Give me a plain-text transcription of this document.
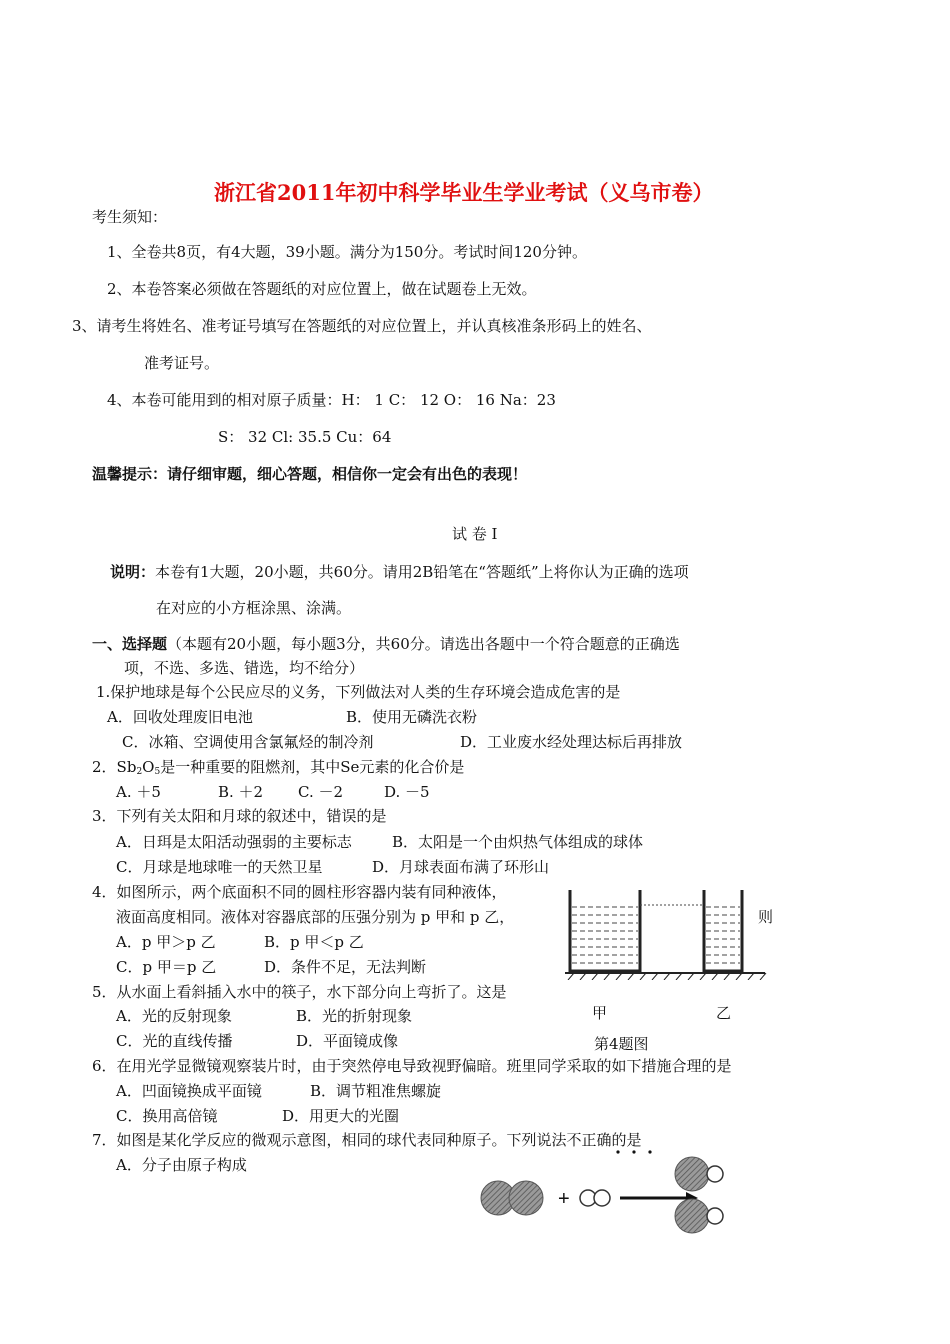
浙江省2011年初中科学毕业生学业考试（义乌市卷）
考生须知：
1、全卷共8页，有4大题，39小题。满分为150分。考试时间120分钟。
2、本卷答案必须做在答题纸的对应位置上，做在试题卷上无效。
3、请考生将姓名、准考证号填写在答题纸的对应位置上，并认真核准条形码上的姓名、
准考证号。
4、本卷可能用到的相对原子质量：H： 1 C： 12 O： 16 Na：23
S： 32 Cl: 35.5 Cu：64
温馨提示：请仔细审题，细心答题，相信你一定会有出色的表现！
试 卷 I
说明：本卷有1大题，20小题，共60分。请用2B铅笔在“答题纸”上将你认为正确的选项
在对应的小方框涂黑、涂满。
一、选择题（本题有20小题，每小题3分，共60分。请选出各题中一个符合题意的正确选
项，不选、多选、错选，均不给分）
1.保护地球是每个公民应尽的义务，下列做法对人类的生存环境会造成危害的是
A．回收处理废旧电池	B．使用无磷洗衣粉
C．冰箱、空调使用含氯氟烃的制冷剂	D．工业废水经处理达标后再排放
2．$Sb_2O_5$是一种重要的阻燃剂，其中Se元素的化合价是
A. ＋5	B. ＋2 C. －2	D. －5
3．下列有关太阳和月球的叙述中，错误的是
A．日珥是太阳活动强弱的主要标志	B．太阳是一个由炽热气体组成的球体
C．月球是地球唯一的天然卫星	D．月球表面布满了环形山
4．如图所示，两个底面积不同的圆柱形容器内装有同种液体，
液面高度相同。液体对容器底部的压强分别为 p 甲和 p 乙，	则
A．p 甲＞p 乙	B．p 甲＜p 乙
C．p 甲＝p 乙	D．条件不足，无法判断
甲	乙
第4题图
5．从水面上看斜插入水中的筷子，水下部分向上弯折了。这是
A．光的反射现象	B．光的折射现象
C．光的直线传播	D．平面镜成像
6．在用光学显微镜观察装片时，由于突然停电导致视野偏暗。班里同学采取的如下措施合理的是
A．凹面镜换成平面镜	B．调节粗准焦螺旋
C．换用高倍镜	D．用更大的光圈
7．如图是某化学反应的微观示意图，相同的球代表同种原子。下列说法不正确的是
A．分子由原子构成
+
